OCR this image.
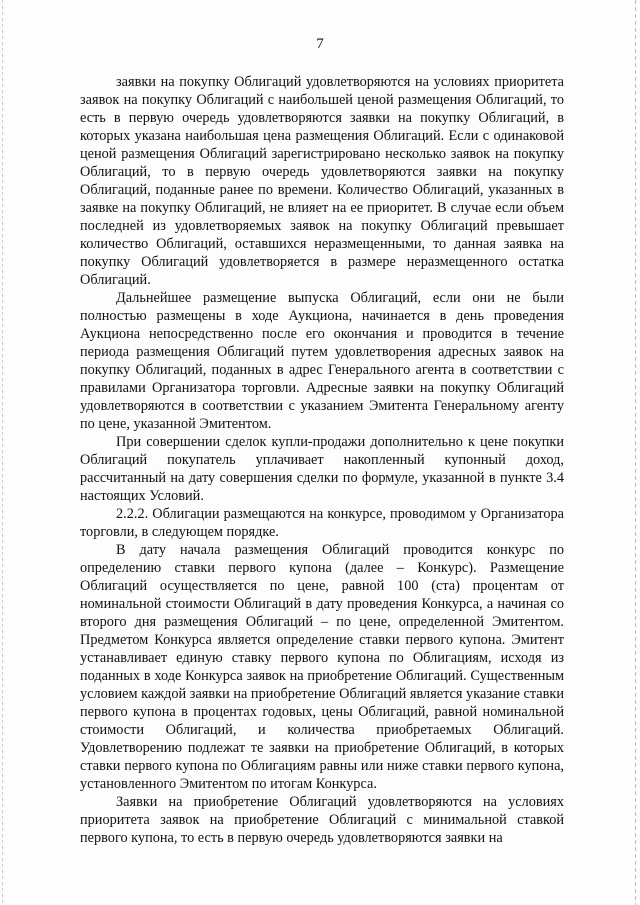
7

заявки на покупку Облигаций удовлетворяются на условиях приоритета заявок на покупку Облигаций с наибольшей ценой размещения Облигаций, то есть в первую очередь удовлетворяются заявки на покупку Облигаций, в которых указана наибольшая цена размещения Облигаций. Если с одинаковой ценой размещения Облигаций зарегистрировано несколько заявок на покупку Облигаций, то в первую очередь удовлетворяются заявки на покупку Облигаций, поданные ранее по времени. Количество Облигаций, указанных в заявке на покупку Облигаций, не влияет на ее приоритет. В случае если объем последней из удовлетворяемых заявок на покупку Облигаций превышает количество Облигаций, оставшихся неразмещенными, то данная заявка на покупку Облигаций удовлетворяется в размере неразмещенного остатка Облигаций.

Дальнейшее размещение выпуска Облигаций, если они не были полностью размещены в ходе Аукциона, начинается в день проведения Аукциона непосредственно после его окончания и проводится в течение периода размещения Облигаций путем удовлетворения адресных заявок на покупку Облигаций, поданных в адрес Генерального агента в соответствии с правилами Организатора торговли. Адресные заявки на покупку Облигаций удовлетворяются в соответствии с указанием Эмитента Генеральному агенту по цене, указанной Эмитентом.

При совершении сделок купли-продажи дополнительно к цене покупки Облигаций покупатель уплачивает накопленный купонный доход, рассчитанный на дату совершения сделки по формуле, указанной в пункте 3.4 настоящих Условий.

2.2.2. Облигации размещаются на конкурсе, проводимом у Организатора торговли, в следующем порядке.

В дату начала размещения Облигаций проводится конкурс по определению ставки первого купона (далее – Конкурс). Размещение Облигаций осуществляется по цене, равной 100 (ста) процентам от номинальной стоимости Облигаций в дату проведения Конкурса, а начиная со второго дня размещения Облигаций – по цене, определенной Эмитентом. Предметом Конкурса является определение ставки первого купона. Эмитент устанавливает единую ставку первого купона по Облигациям, исходя из поданных в ходе Конкурса заявок на приобретение Облигаций. Существенным условием каждой заявки на приобретение Облигаций является указание ставки первого купона в процентах годовых, цены Облигаций, равной номинальной стоимости Облигаций, и количества приобретаемых Облигаций. Удовлетворению подлежат те заявки на приобретение Облигаций, в которых ставки первого купона по Облигациям равны или ниже ставки первого купона, установленного Эмитентом по итогам Конкурса.

Заявки на приобретение Облигаций удовлетворяются на условиях приоритета заявок на приобретение Облигаций с минимальной ставкой первого купона, то есть в первую очередь удовлетворяются заявки на
